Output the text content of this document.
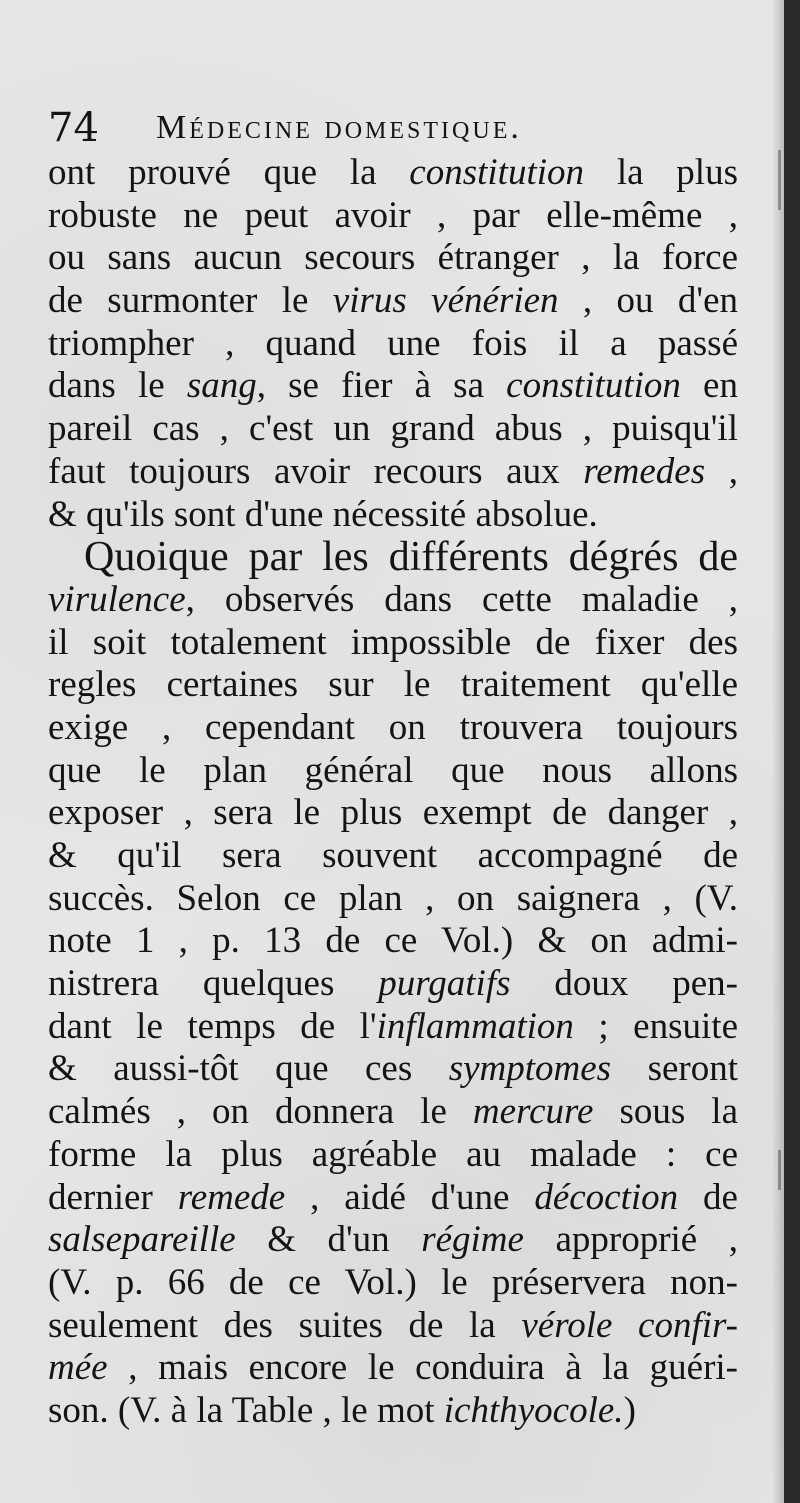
74 Médecine domestique.
ont prouvé que la constitution la plus
robuste ne peut avoir , par elle-même ,
ou sans aucun secours étranger , la force
de surmonter le virus vénérien , ou d'en
triompher , quand une fois il a passé
dans le sang, se fier à sa constitution en
pareil cas , c'est un grand abus , puisqu'il
faut toujours avoir recours aux remedes ,
& qu'ils sont d'une nécessité absolue.
Quoique par les différents dégrés de
virulence, observés dans cette maladie ,
il soit totalement impossible de fixer des
regles certaines sur le traitement qu'elle
exige , cependant on trouvera toujours
que le plan général que nous allons
exposer , sera le plus exempt de danger ,
& qu'il sera souvent accompagné de
succès. Selon ce plan , on saignera , (V.
note 1 , p. 13 de ce Vol.) & on admi-
nistrera quelques purgatifs doux pen-
dant le temps de l'inflammation ; ensuite
& aussi-tôt que ces symptomes seront
calmés , on donnera le mercure sous la
forme la plus agréable au malade : ce
dernier remede , aidé d'une décoction de
salsepareille & d'un régime approprié ,
(V. p. 66 de ce Vol.) le préservera non-
seulement des suites de la vérole confir-
mée , mais encore le conduira à la guéri-
son. (V. à la Table , le mot ichthyocole.)
